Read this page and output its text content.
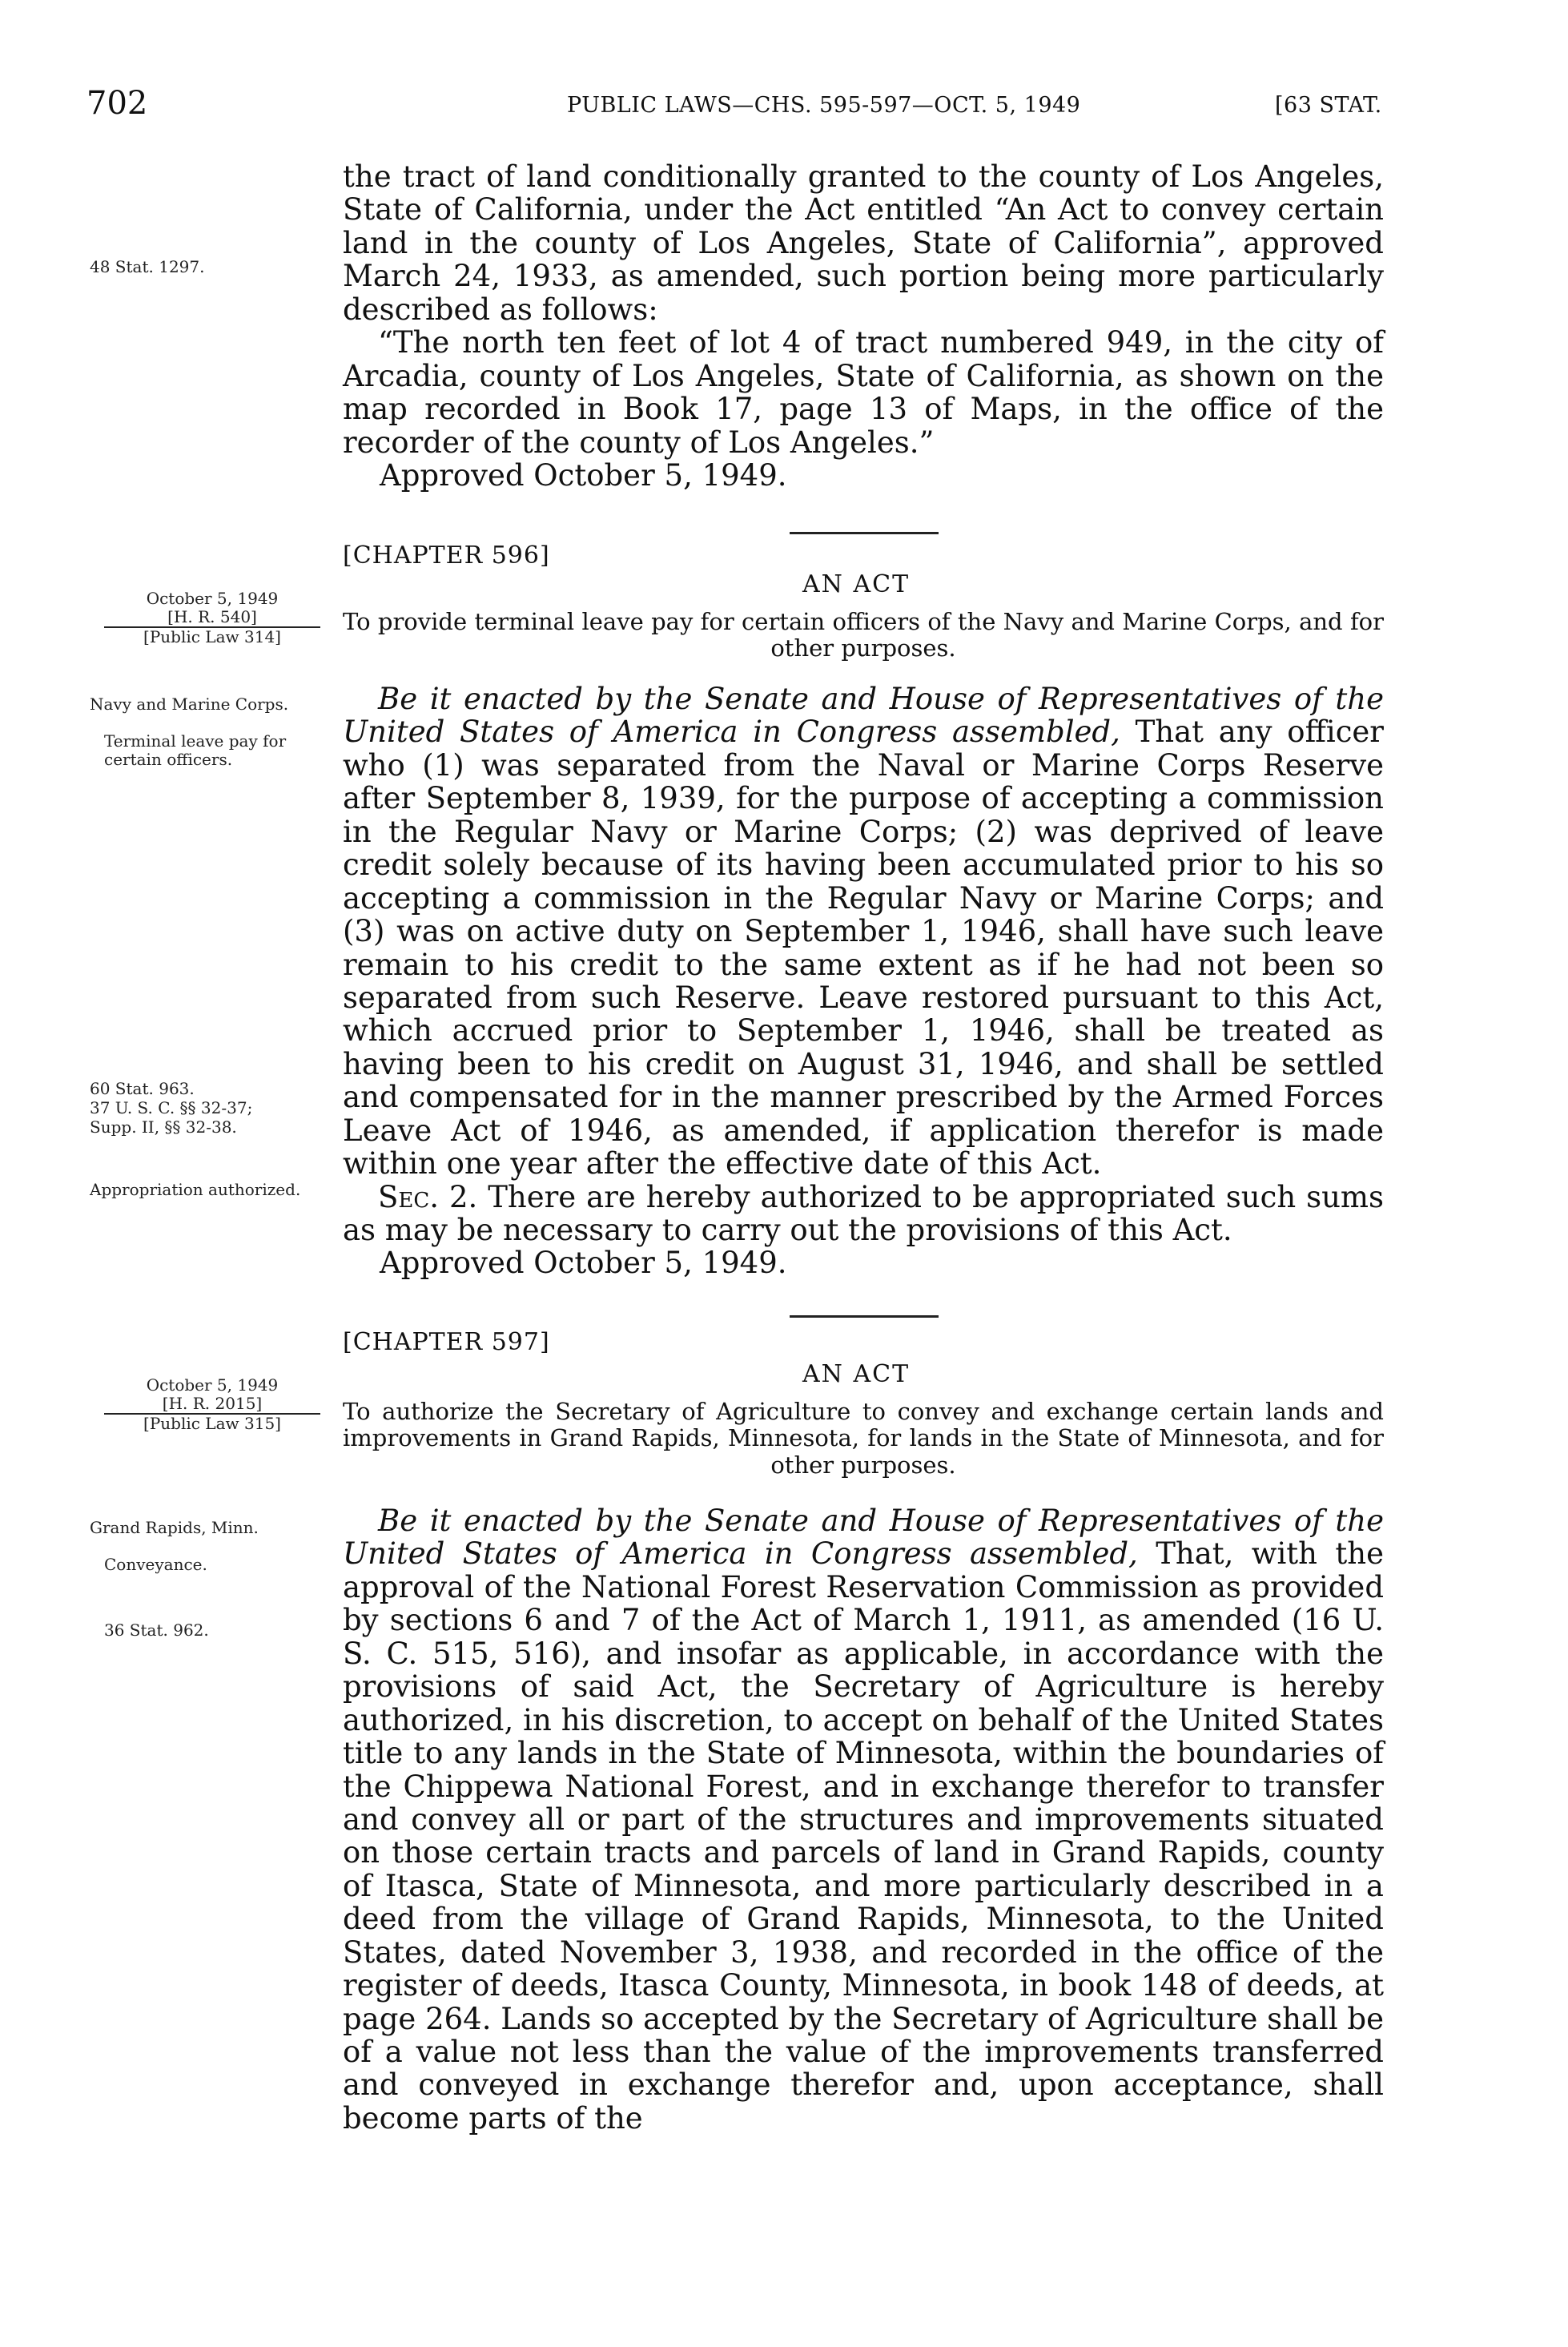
702	PUBLIC LAWS—CHS. 595-597—OCT. 5, 1949	[63 STAT.
48 Stat. 1297.

the tract of land conditionally granted to the county of Los Angeles, State of California, under the Act entitled “An Act to convey certain land in the county of Los Angeles, State of California”, approved March 24, 1933, as amended, such portion being more particularly described as follows:

“The north ten feet of lot 4 of tract numbered 949, in the city of Arcadia, county of Los Angeles, State of California, as shown on the map recorded in Book 17, page 13 of Maps, in the office of the recorder of the county of Los Angeles.”

Approved October 5, 1949.

[CHAPTER 596]
AN ACT
To provide terminal leave pay for certain officers of the Navy and Marine Corps, and for other purposes.
October 5, 1949
[H. R. 540]
[Public Law 314]
Navy and Marine Corps.
Terminal leave pay for certain officers.
60 Stat. 963.
37 U. S. C. §§ 32-37;
Supp. II, §§ 32-38.
Appropriation authorized.

Be it enacted by the Senate and House of Representatives of the United States of America in Congress assembled, That any officer who (1) was separated from the Naval or Marine Corps Reserve after September 8, 1939, for the purpose of accepting a commission in the Regular Navy or Marine Corps; (2) was deprived of leave credit solely because of its having been accumulated prior to his so accepting a commission in the Regular Navy or Marine Corps; and (3) was on active duty on September 1, 1946, shall have such leave remain to his credit to the same extent as if he had not been so separated from such Reserve. Leave restored pursuant to this Act, which accrued prior to September 1, 1946, shall be treated as having been to his credit on August 31, 1946, and shall be settled and compensated for in the manner prescribed by the Armed Forces Leave Act of 1946, as amended, if application therefor is made within one year after the effective date of this Act.

Sec. 2. There are hereby authorized to be appropriated such sums as may be necessary to carry out the provisions of this Act.

Approved October 5, 1949.

[CHAPTER 597]
AN ACT
To authorize the Secretary of Agriculture to convey and exchange certain lands and improvements in Grand Rapids, Minnesota, for lands in the State of Minnesota, and for other purposes.
October 5, 1949
[H. R. 2015]
[Public Law 315]
Grand Rapids, Minn.
Conveyance.
36 Stat. 962.

Be it enacted by the Senate and House of Representatives of the United States of America in Congress assembled, That, with the approval of the National Forest Reservation Commission as provided by sections 6 and 7 of the Act of March 1, 1911, as amended (16 U. S. C. 515, 516), and insofar as applicable, in accordance with the provisions of said Act, the Secretary of Agriculture is hereby authorized, in his discretion, to accept on behalf of the United States title to any lands in the State of Minnesota, within the boundaries of the Chippewa National Forest, and in exchange therefor to transfer and convey all or part of the structures and improvements situated on those certain tracts and parcels of land in Grand Rapids, county of Itasca, State of Minnesota, and more particularly described in a deed from the village of Grand Rapids, Minnesota, to the United States, dated November 3, 1938, and recorded in the office of the register of deeds, Itasca County, Minnesota, in book 148 of deeds, at page 264. Lands so accepted by the Secretary of Agriculture shall be of a value not less than the value of the improvements transferred and conveyed in exchange therefor and, upon acceptance, shall become parts of the
